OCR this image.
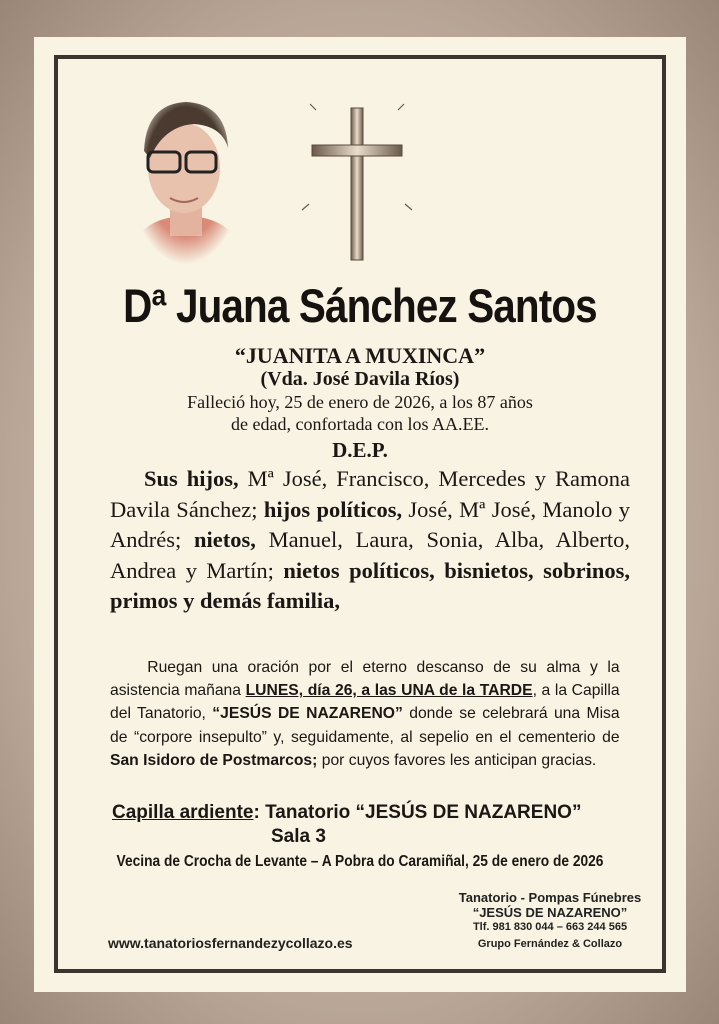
Dª Juana Sánchez Santos
“JUANITA A MUXINCA”
(Vda. José Davila Ríos)
Falleció hoy, 25 de enero de 2026, a los 87 años
de edad, confortada con los AA.EE.
D.E.P.
Sus hijos, Mª José, Francisco, Mercedes y Ramona Davila Sánchez; hijos políticos, José, Mª José, Manolo y Andrés; nietos, Manuel, Laura, Sonia, Alba, Alberto, Andrea y Martín; nietos políticos, bisnietos, sobrinos, primos y demás familia,
Ruegan una oración por el eterno descanso de su alma y la asistencia mañana LUNES, día 26, a las UNA de la TARDE, a la Capilla del Tanatorio, “JESÚS DE NAZARENO” donde se celebrará una Misa de “corpore insepulto” y, seguidamente, al sepelio en el cementerio de San Isidoro de Postmarcos; por cuyos favores les anticipan gracias.
Capilla ardiente: Tanatorio “JESÚS DE NAZARENO”
Sala 3
Vecina de Crocha de Levante – A Pobra do Caramiñal, 25 de enero de 2026
Tanatorio - Pompas Fúnebres
“JESÚS DE NAZARENO”
Tlf. 981 830 044 – 663 244 565
Grupo Fernández & Collazo
www.tanatoriosfernandezycollazo.es
